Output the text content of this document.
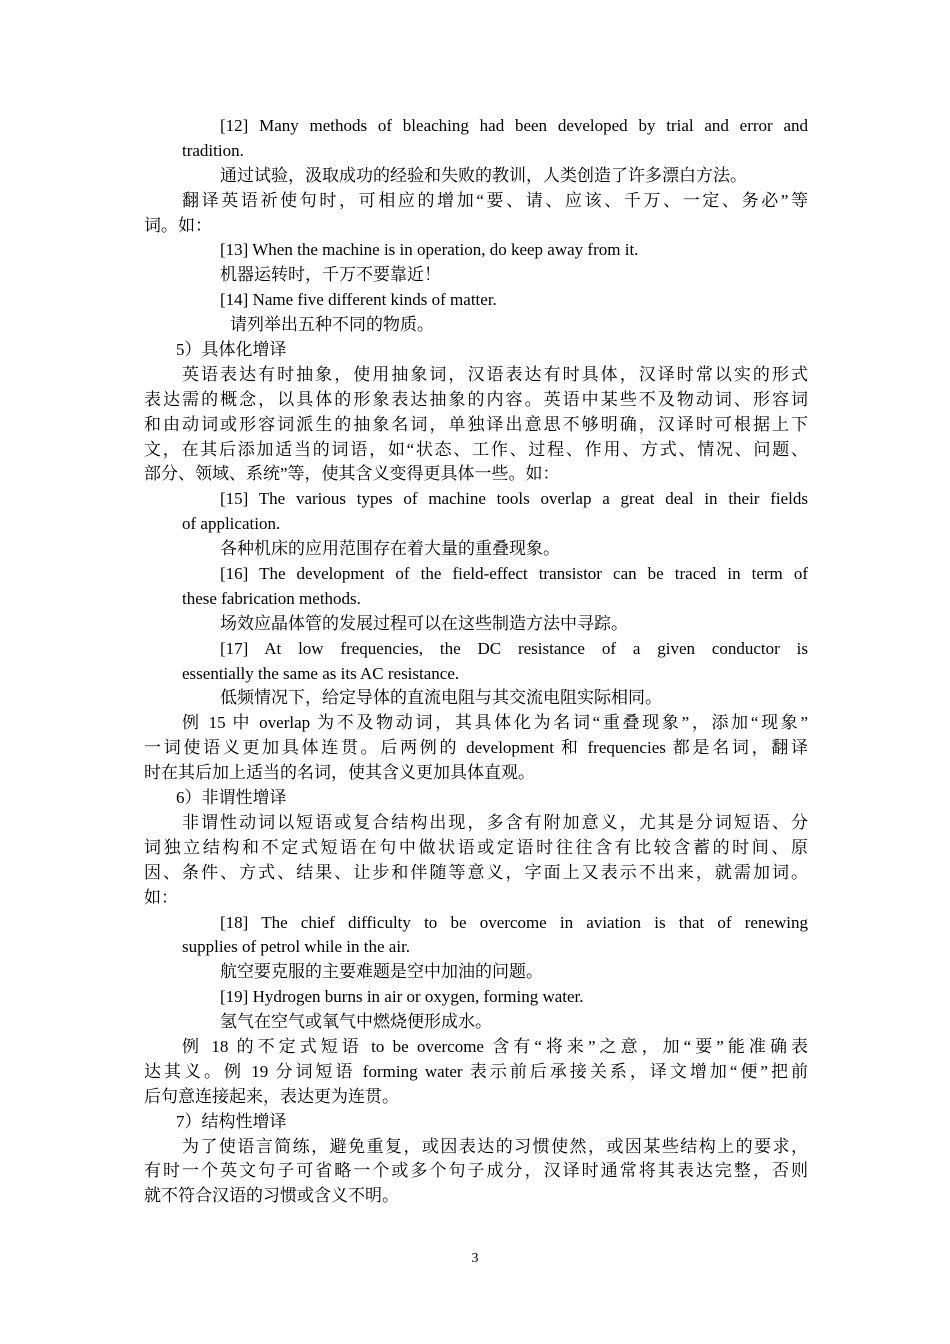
[12] Many methods of bleaching had been developed by trial and error and
tradition.
通过试验，汲取成功的经验和失败的教训，人类创造了许多漂白方法。
翻译英语祈使句时，可相应的增加“要、请、应该、千万、一定、务必”等
词。如：
[13] When the machine is in operation, do keep away from it.
机器运转时，千万不要靠近！
[14] Name five different kinds of matter.
请列举出五种不同的物质。
5）具体化增译
英语表达有时抽象，使用抽象词，汉语表达有时具体，汉译时常以实的形式
表达需的概念，以具体的形象表达抽象的内容。英语中某些不及物动词、形容词
和由动词或形容词派生的抽象名词，单独译出意思不够明确，汉译时可根据上下
文，在其后添加适当的词语，如“状态、工作、过程、作用、方式、情况、问题、
部分、领域、系统”等，使其含义变得更具体一些。如：
[15] The various types of machine tools overlap a great deal in their fields
of application.
各种机床的应用范围存在着大量的重叠现象。
[16] The development of the field-effect transistor can be traced in term of
these fabrication methods.
场效应晶体管的发展过程可以在这些制造方法中寻踪。
[17] At low frequencies, the DC resistance of a given conductor is
essentially the same as its AC resistance.
低频情况下，给定导体的直流电阻与其交流电阻实际相同。
例 15 中 overlap 为不及物动词，其具体化为名词“重叠现象”，添加“现象”
一词使语义更加具体连贯。后两例的 development 和 frequencies 都是名词，翻译
时在其后加上适当的名词，使其含义更加具体直观。
6）非谓性增译
非谓性动词以短语或复合结构出现，多含有附加意义，尤其是分词短语、分
词独立结构和不定式短语在句中做状语或定语时往往含有比较含蓄的时间、原
因、条件、方式、结果、让步和伴随等意义，字面上又表示不出来，就需加词。
如：
[18] The chief difficulty to be overcome in aviation is that of renewing
supplies of petrol while in the air.
航空要克服的主要难题是空中加油的问题。
[19] Hydrogen burns in air or oxygen, forming water.
氢气在空气或氧气中燃烧便形成水。
例 18 的不定式短语 to be overcome 含有“将来”之意，加“要”能准确表
达其义。例 19 分词短语 forming water 表示前后承接关系，译文增加“便”把前
后句意连接起来，表达更为连贯。
7）结构性增译
为了使语言简练，避免重复，或因表达的习惯使然，或因某些结构上的要求，
有时一个英文句子可省略一个或多个句子成分，汉译时通常将其表达完整，否则
就不符合汉语的习惯或含义不明。
3
